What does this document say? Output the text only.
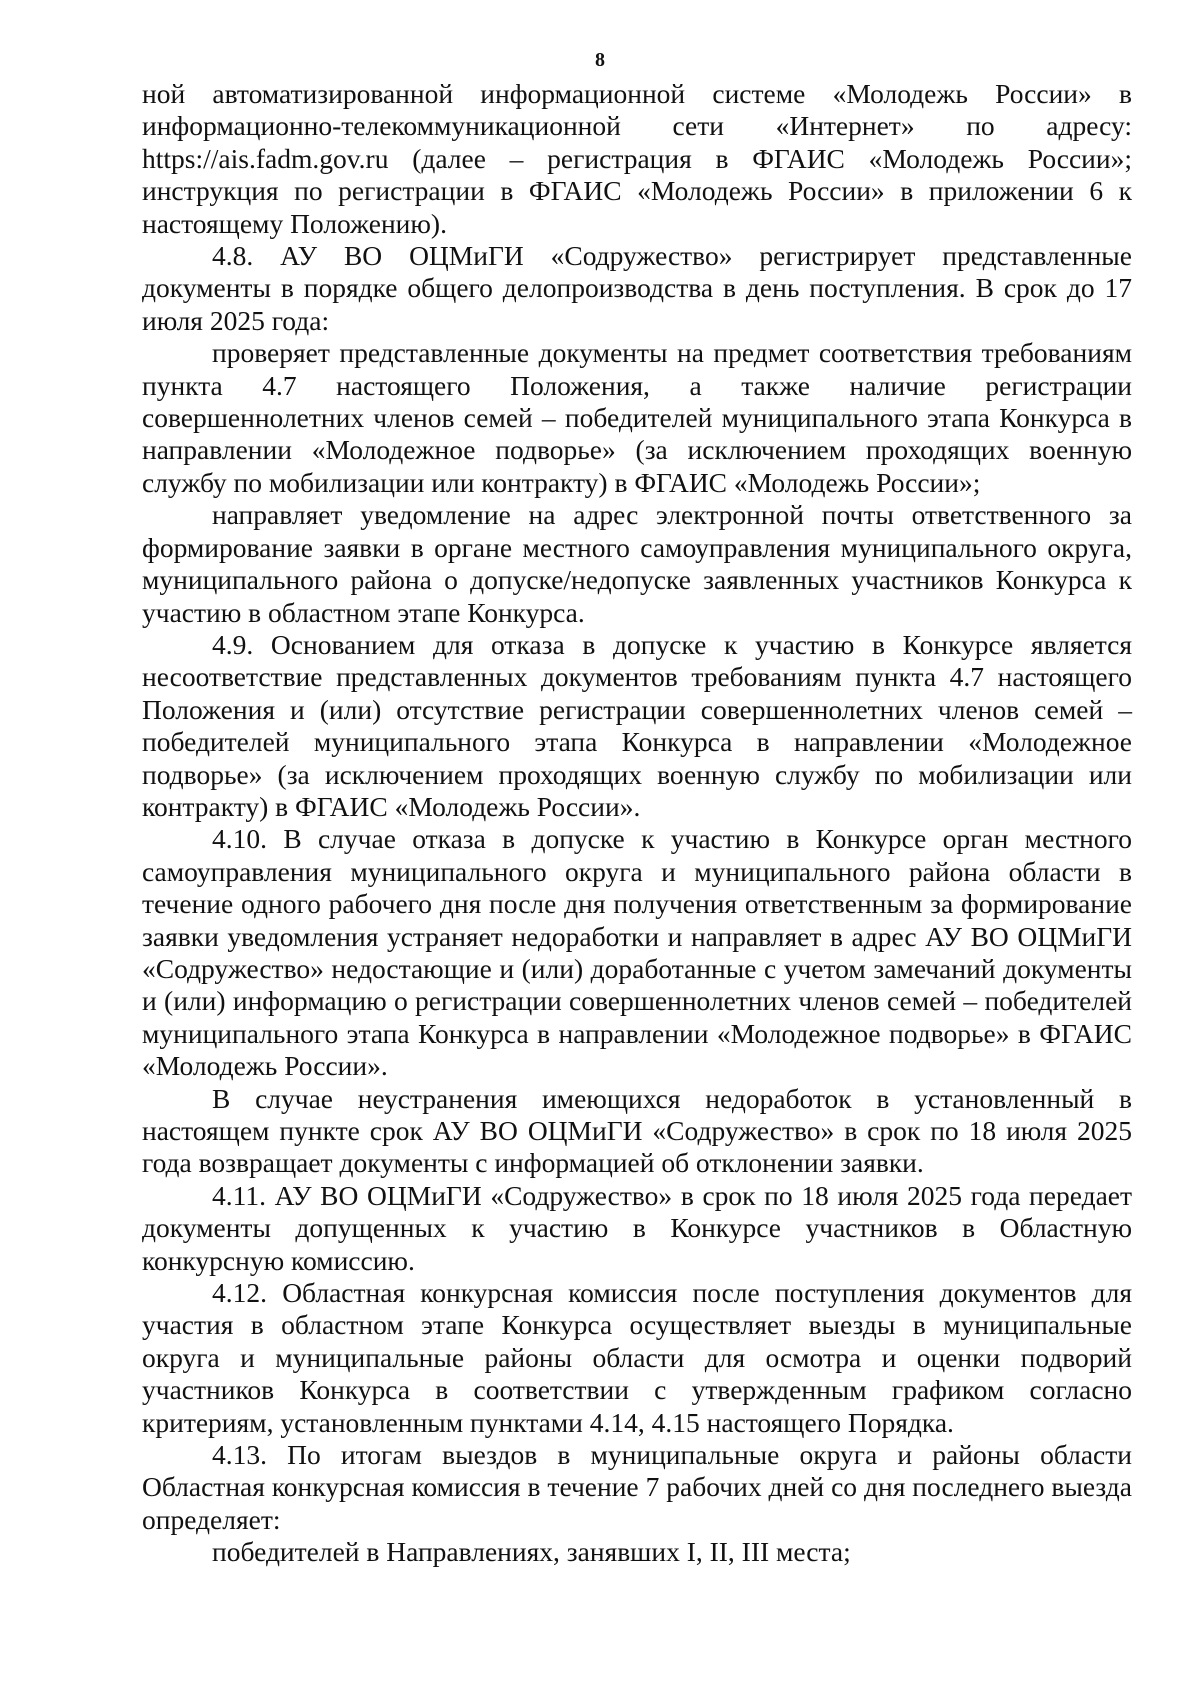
8

ной автоматизированной информационной системе «Молодежь России» в информационно-телекоммуникационной сети «Интернет» по адресу: https://ais.fadm.gov.ru (далее – регистрация в ФГАИС «Молодежь России»; инструкция по регистрации в ФГАИС «Молодежь России» в приложении 6 к настоящему Положению).

4.8. АУ ВО ОЦМиГИ «Содружество» регистрирует представленные документы в порядке общего делопроизводства в день поступления. В срок до 17 июля 2025 года:

проверяет представленные документы на предмет соответствия требованиям пункта 4.7 настоящего Положения, а также наличие регистрации совершеннолетних членов семей – победителей муниципального этапа Конкурса в направлении «Молодежное подворье» (за исключением проходящих военную службу по мобилизации или контракту) в ФГАИС «Молодежь России»;

направляет уведомление на адрес электронной почты ответственного за формирование заявки в органе местного самоуправления муниципального округа, муниципального района о допуске/недопуске заявленных участников Конкурса к участию в областном этапе Конкурса.

4.9. Основанием для отказа в допуске к участию в Конкурсе является несоответствие представленных документов требованиям пункта 4.7 настоящего Положения и (или) отсутствие регистрации совершеннолетних членов семей – победителей муниципального этапа Конкурса в направлении «Молодежное подворье» (за исключением проходящих военную службу по мобилизации или контракту) в ФГАИС «Молодежь России».

4.10. В случае отказа в допуске к участию в Конкурсе орган местного самоуправления муниципального округа и муниципального района области в течение одного рабочего дня после дня получения ответственным за формирование заявки уведомления устраняет недоработки и направляет в адрес АУ ВО ОЦМиГИ «Содружество» недостающие и (или) доработанные с учетом замечаний документы и (или) информацию о регистрации совершеннолетних членов семей – победителей муниципального этапа Конкурса в направлении «Молодежное подворье» в ФГАИС «Молодежь России».

В случае неустранения имеющихся недоработок в установленный в настоящем пункте срок АУ ВО ОЦМиГИ «Содружество» в срок по 18 июля 2025 года возвращает документы с информацией об отклонении заявки.

4.11. АУ ВО ОЦМиГИ «Содружество» в срок по 18 июля 2025 года передает документы допущенных к участию в Конкурсе участников в Областную конкурсную комиссию.

4.12. Областная конкурсная комиссия после поступления документов для участия в областном этапе Конкурса осуществляет выезды в муниципальные округа и муниципальные районы области для осмотра и оценки подворий участников Конкурса в соответствии с утвержденным графиком согласно критериям, установленным пунктами 4.14, 4.15 настоящего Порядка.

4.13. По итогам выездов в муниципальные округа и районы области Областная конкурсная комиссия в течение 7 рабочих дней со дня последнего выезда определяет:

победителей в Направлениях, занявших I, II, III места;
